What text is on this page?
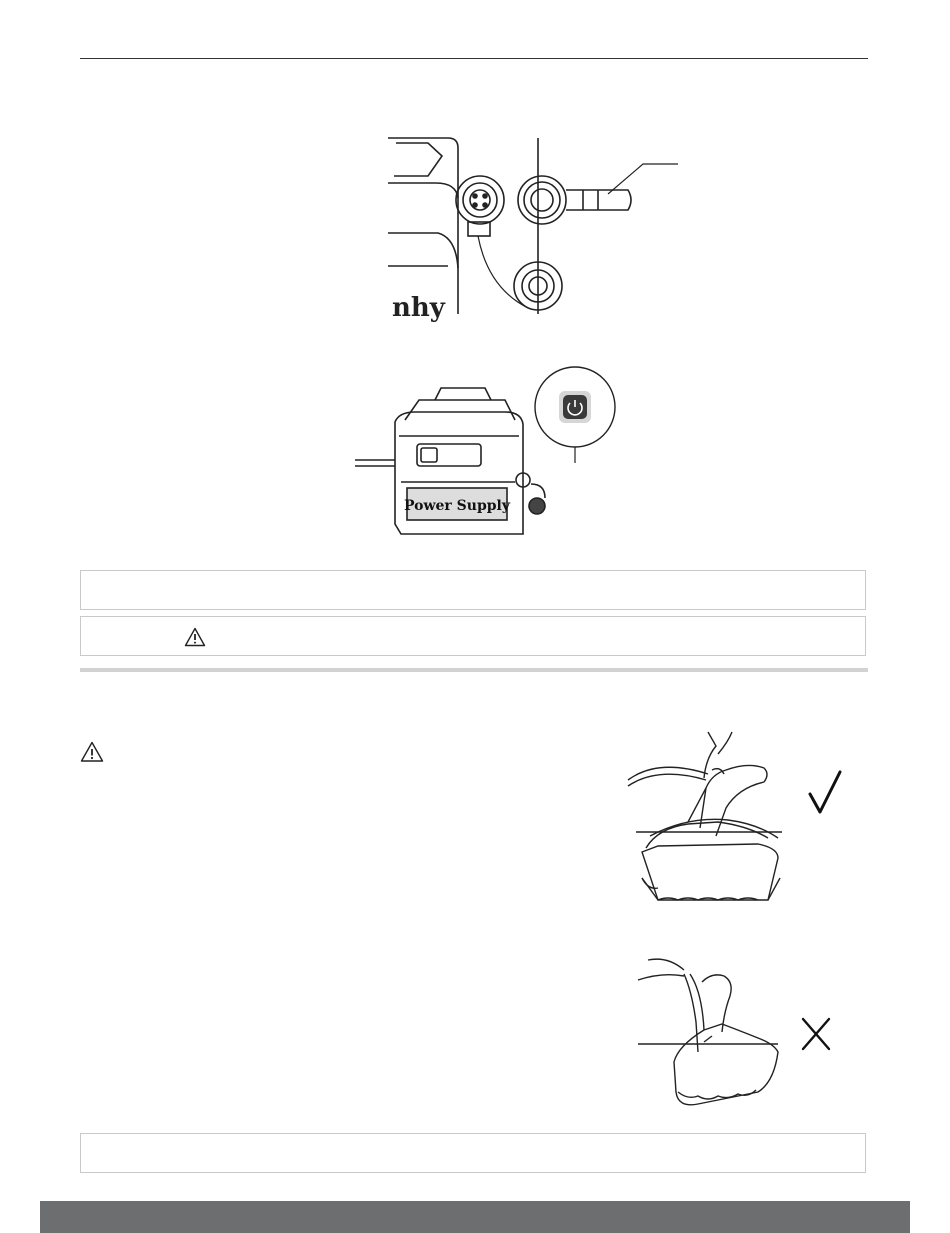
nhy
Power Supply
